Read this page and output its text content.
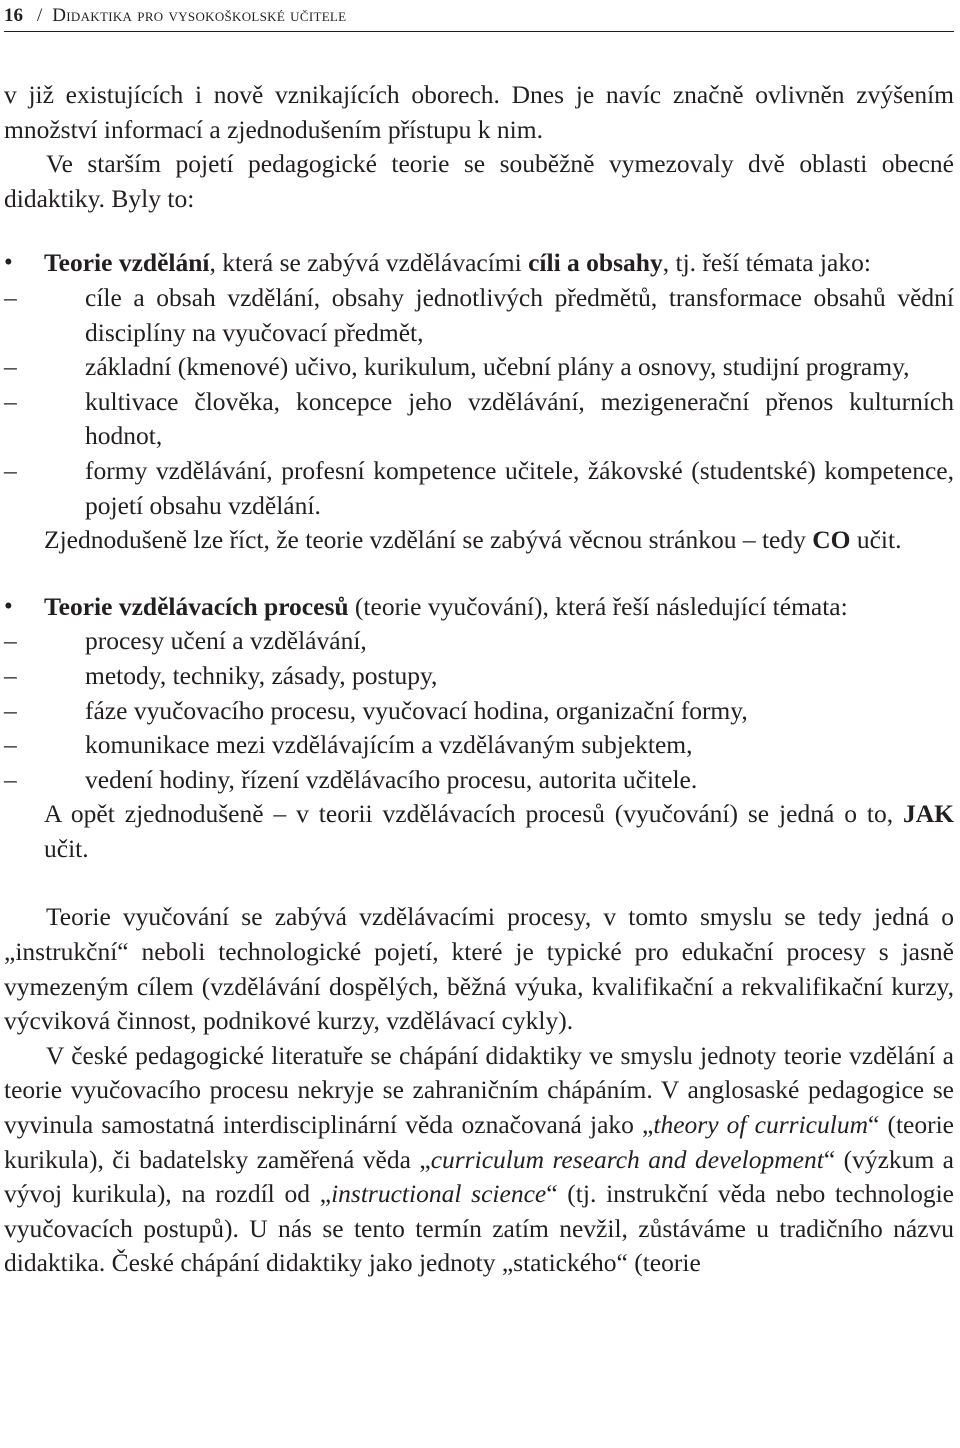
16 / Didaktika pro vysokoškolské učitele

v již existujících i nově vznikajících oborech. Dnes je navíc značně ovlivněn zvýšením množství informací a zjednodušením přístupu k nim.

Ve starším pojetí pedagogické teorie se souběžně vymezovaly dvě oblasti obecné didaktiky. Byly to:

•	Teorie vzdělání, která se zabývá vzdělávacími cíli a obsahy, tj. řeší témata jako:

–	cíle a obsah vzdělání, obsahy jednotlivých předmětů, transformace obsahů vědní disciplíny na vyučovací předmět,
–	základní (kmenové) učivo, kurikulum, učební plány a osnovy, studijní programy,
–	kultivace člověka, koncepce jeho vzdělávání, mezigenerační přenos kulturních hodnot,
–	formy vzdělávání, profesní kompetence učitele, žákovské (studentské) kompetence, pojetí obsahu vzdělání.

Zjednodušeně lze říct, že teorie vzdělání se zabývá věcnou stránkou – tedy CO učit.

•	Teorie vzdělávacích procesů (teorie vyučování), která řeší následující témata:

–	procesy učení a vzdělávání,
–	metody, techniky, zásady, postupy,
–	fáze vyučovacího procesu, vyučovací hodina, organizační formy,
–	komunikace mezi vzdělávajícím a vzdělávaným subjektem,
–	vedení hodiny, řízení vzdělávacího procesu, autorita učitele.

A opět zjednodušeně – v teorii vzdělávacích procesů (vyučování) se jedná o to, JAK učit.

Teorie vyučování se zabývá vzdělávacími procesy, v tomto smyslu se tedy jedná o „instrukční“ neboli technologické pojetí, které je typické pro edukační procesy s jasně vymezeným cílem (vzdělávání dospělých, běžná výuka, kvalifikační a rekvalifikační kurzy, výcviková činnost, podnikové kurzy, vzdělávací cykly).

V české pedagogické literatuře se chápání didaktiky ve smyslu jednoty teorie vzdělání a teorie vyučovacího procesu nekryje se zahraničním chápáním. V anglosaské pedagogice se vyvinula samostatná interdisciplinární věda označovaná jako „theory of curriculum“ (teorie kurikula), či badatelsky zaměřená věda „curriculum research and development“ (výzkum a vývoj kurikula), na rozdíl od „instructional science“ (tj. instrukční věda nebo technologie vyučovacích postupů). U nás se tento termín zatím nevžil, zůstáváme u tradičního názvu didaktika. České chápání didaktiky jako jednoty „statického“ (teorie
